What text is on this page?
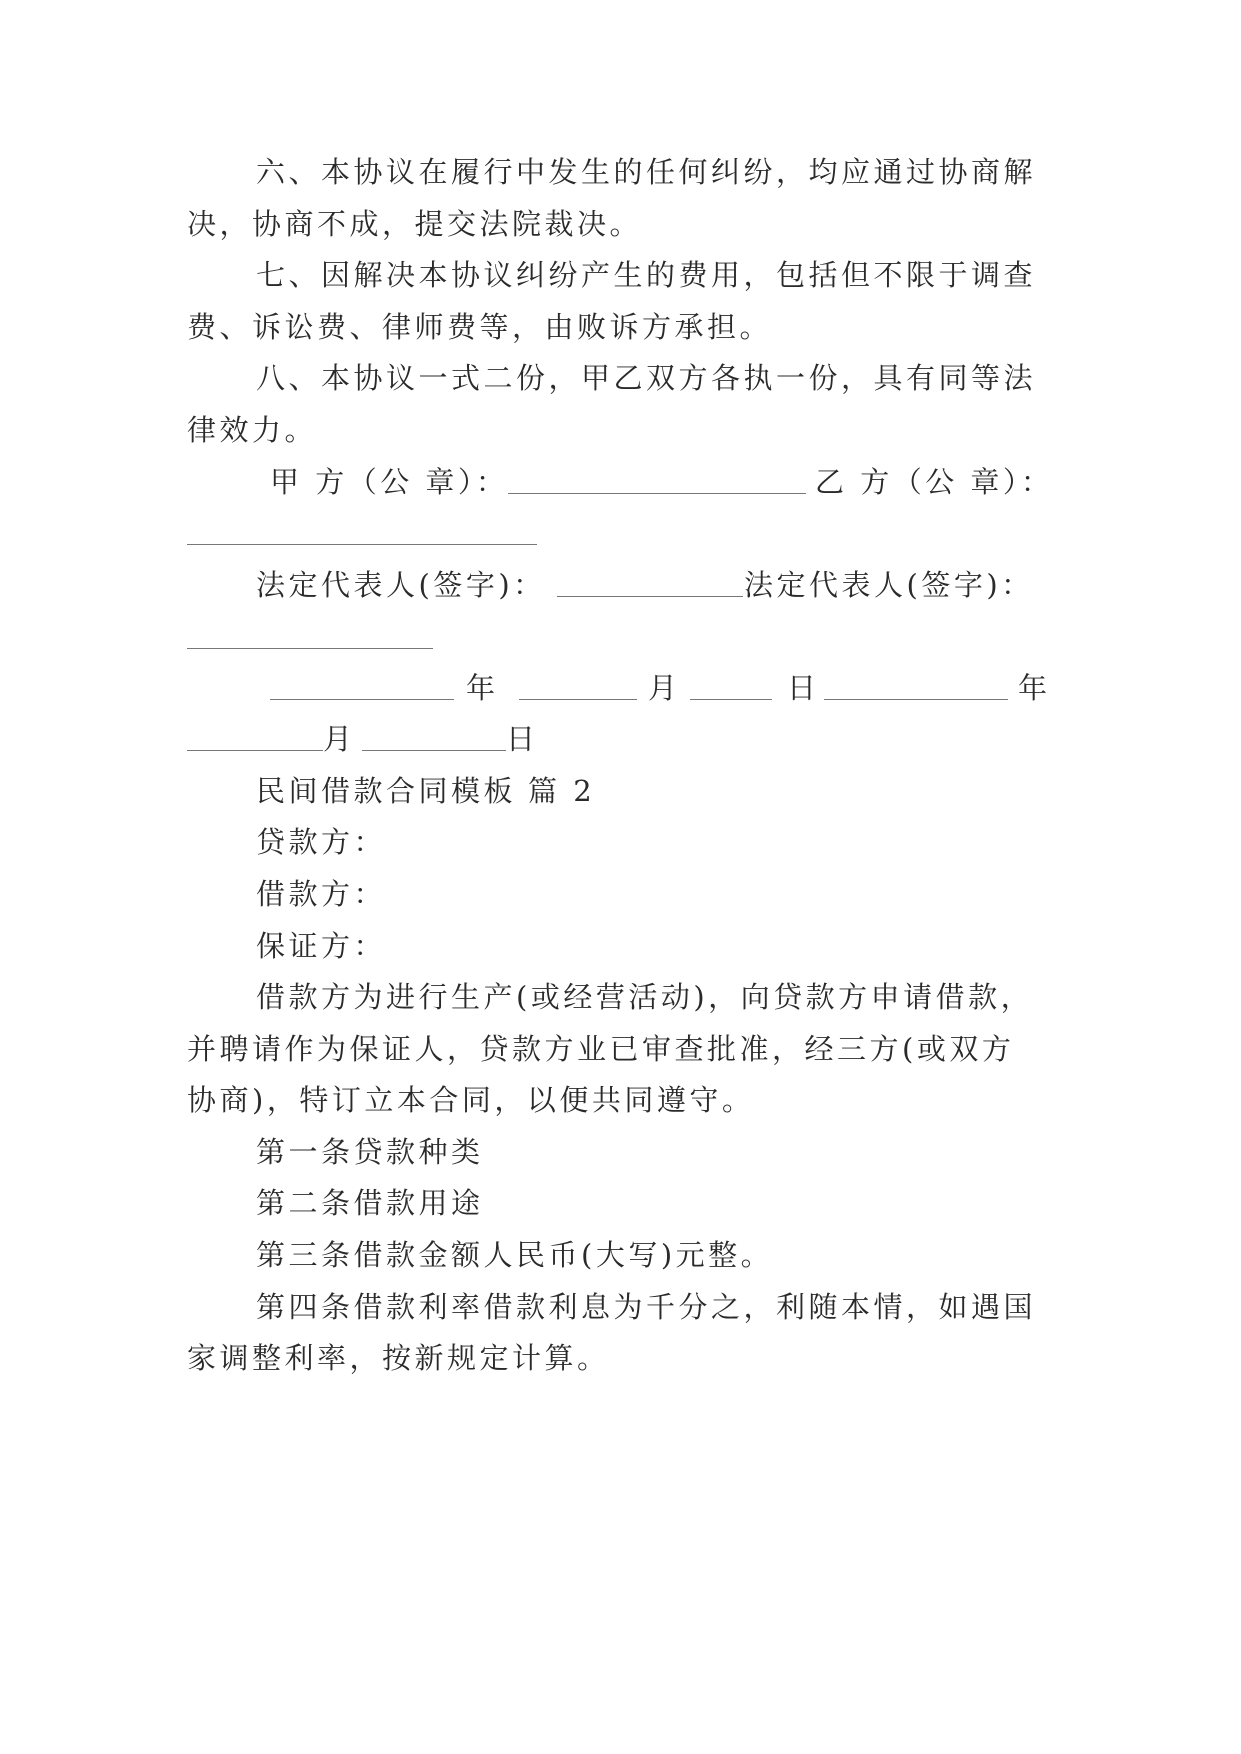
六、本协议在履行中发生的任何纠纷，均应通过协商解
决，协商不成，提交法院裁决。
七、因解决本协议纠纷产生的费用，包括但不限于调查
费、诉讼费、律师费等，由败诉方承担。
八、本协议一式二份，甲乙双方各执一份，具有同等法
律效力。
甲 方（公 章）：	乙 方（公 章）：
法定代表人(签字)：	法定代表人(签字)：
年	月	日	年
月	日
民间借款合同模板 篇 2
贷款方：
借款方：
保证方：
借款方为进行生产(或经营活动)，向贷款方申请借款，
并聘请作为保证人，贷款方业已审查批准，经三方(或双方
协商)，特订立本合同，以便共同遵守。
第一条贷款种类
第二条借款用途
第三条借款金额人民币(大写)元整。
第四条借款利率借款利息为千分之，利随本情，如遇国
家调整利率，按新规定计算。
